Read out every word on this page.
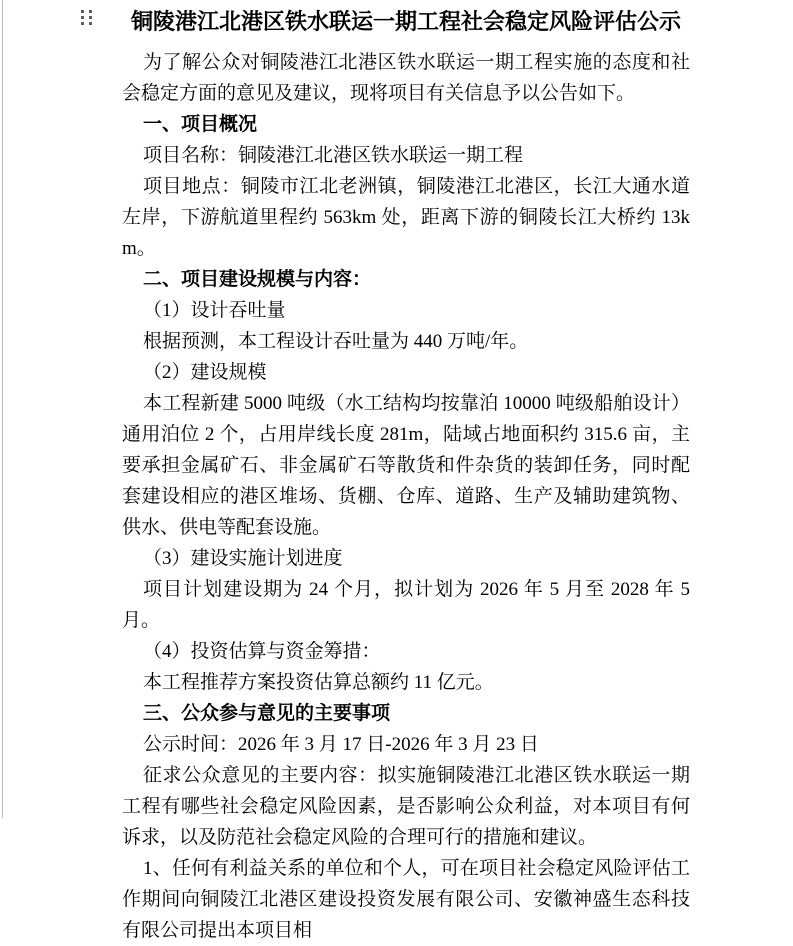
铜陵港江北港区铁水联运一期工程社会稳定风险评估公示

为了解公众对铜陵港江北港区铁水联运一期工程实施的态度和社会稳定方面的意见及建议，现将项目有关信息予以公告如下。

一、项目概况

项目名称：铜陵港江北港区铁水联运一期工程

项目地点：铜陵市江北老洲镇，铜陵港江北港区，长江大通水道左岸，下游航道里程约 563km 处，距离下游的铜陵长江大桥约 13km。

二、项目建设规模与内容：

（1）设计吞吐量

根据预测，本工程设计吞吐量为 440 万吨/年。

（2）建设规模

本工程新建 5000 吨级（水工结构均按靠泊 10000 吨级船舶设计）通用泊位 2 个，占用岸线长度 281m，陆域占地面积约 315.6 亩，主要承担金属矿石、非金属矿石等散货和件杂货的装卸任务，同时配套建设相应的港区堆场、货棚、仓库、道路、生产及辅助建筑物、供水、供电等配套设施。

（3）建设实施计划进度

项目计划建设期为 24 个月，拟计划为 2026 年 5 月至 2028 年 5 月。

（4）投资估算与资金筹措：

本工程推荐方案投资估算总额约 11 亿元。

三、公众参与意见的主要事项

公示时间：2026 年 3 月 17 日-2026 年 3 月 23 日

征求公众意见的主要内容：拟实施铜陵港江北港区铁水联运一期工程有哪些社会稳定风险因素，是否影响公众利益，对本项目有何诉求，以及防范社会稳定风险的合理可行的措施和建议。

1、任何有利益关系的单位和个人，可在项目社会稳定风险评估工作期间向铜陵江北港区建设投资发展有限公司、安徽神盛生态科技有限公司提出本项目相
